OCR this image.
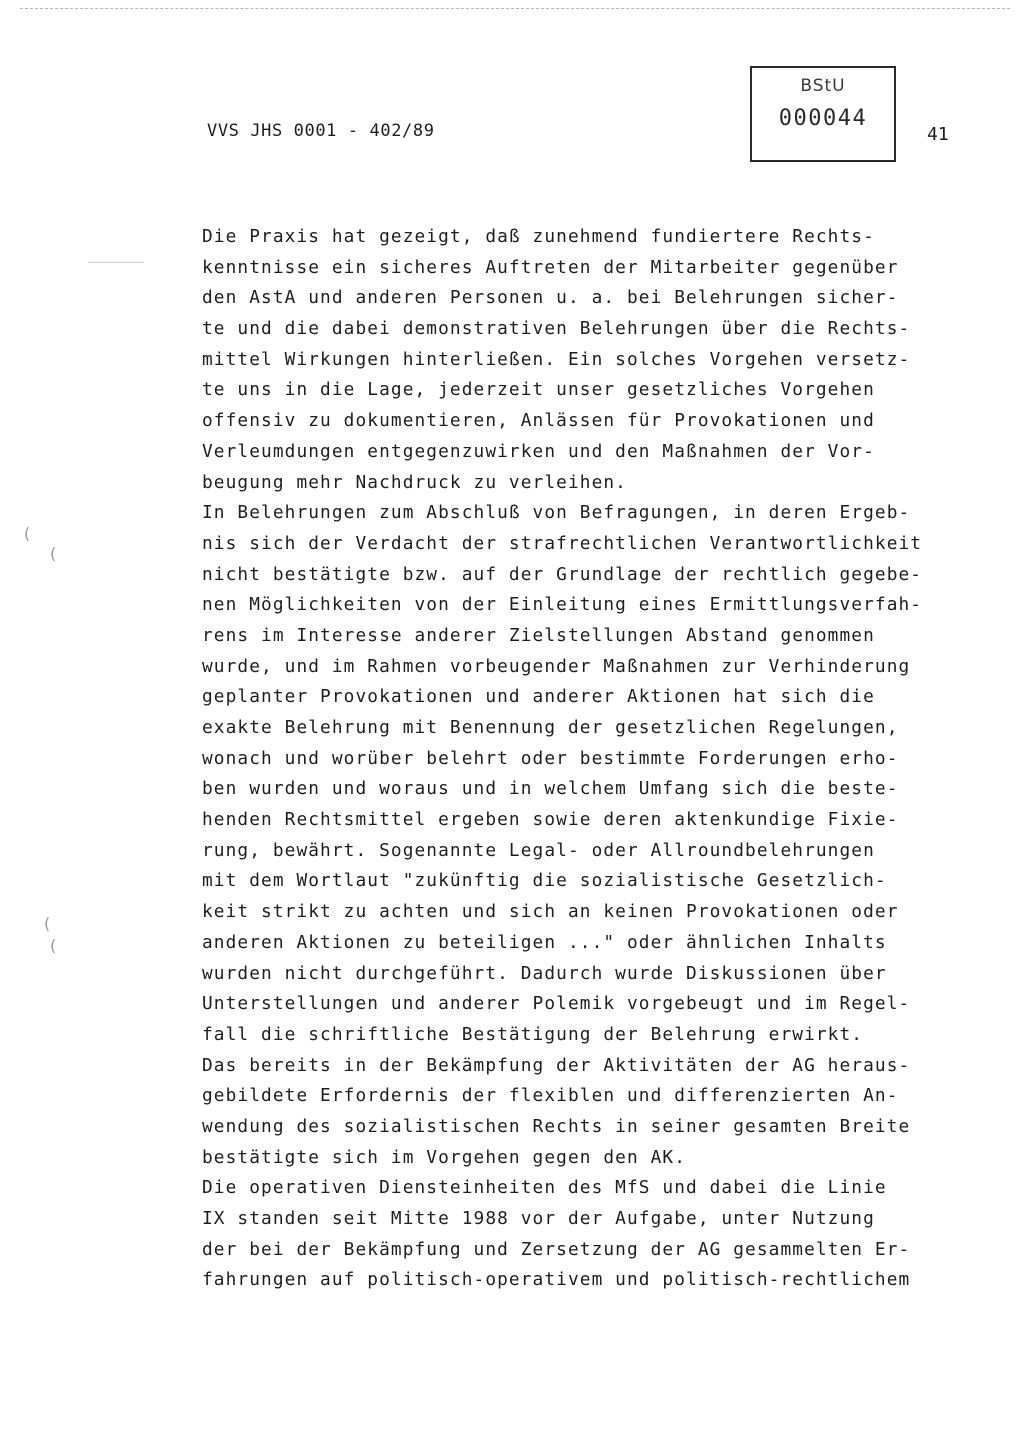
VVS JHS 0001 - 402/89
BStU
000044
41
(
(
(
(
Die Praxis hat gezeigt, daß zunehmend fundiertere Rechts-
kenntnisse ein sicheres Auftreten der Mitarbeiter gegenüber
den AstA und anderen Personen u. a. bei Belehrungen sicher-
te und die dabei demonstrativen Belehrungen über die Rechts-
mittel Wirkungen hinterließen. Ein solches Vorgehen versetz-
te uns in die Lage, jederzeit unser gesetzliches Vorgehen
offensiv zu dokumentieren, Anlässen für Provokationen und
Verleumdungen entgegenzuwirken und den Maßnahmen der Vor-
beugung mehr Nachdruck zu verleihen.
In Belehrungen zum Abschluß von Befragungen, in deren Ergeb-
nis sich der Verdacht der strafrechtlichen Verantwortlichkeit
nicht bestätigte bzw. auf der Grundlage der rechtlich gegebe-
nen Möglichkeiten von der Einleitung eines Ermittlungsverfah-
rens im Interesse anderer Zielstellungen Abstand genommen
wurde, und im Rahmen vorbeugender Maßnahmen zur Verhinderung
geplanter Provokationen und anderer Aktionen hat sich die
exakte Belehrung mit Benennung der gesetzlichen Regelungen,
wonach und worüber belehrt oder bestimmte Forderungen erho-
ben wurden und woraus und in welchem Umfang sich die beste-
henden Rechtsmittel ergeben sowie deren aktenkundige Fixie-
rung, bewährt. Sogenannte Legal- oder Allroundbelehrungen
mit dem Wortlaut "zukünftig die sozialistische Gesetzlich-
keit strikt zu achten und sich an keinen Provokationen oder
anderen Aktionen zu beteiligen ..." oder ähnlichen Inhalts
wurden nicht durchgeführt. Dadurch wurde Diskussionen über
Unterstellungen und anderer Polemik vorgebeugt und im Regel-
fall die schriftliche Bestätigung der Belehrung erwirkt.
Das bereits in der Bekämpfung der Aktivitäten der AG heraus-
gebildete Erfordernis der flexiblen und differenzierten An-
wendung des sozialistischen Rechts in seiner gesamten Breite
bestätigte sich im Vorgehen gegen den AK.
Die operativen Diensteinheiten des MfS und dabei die Linie
IX standen seit Mitte 1988 vor der Aufgabe, unter Nutzung
der bei der Bekämpfung und Zersetzung der AG gesammelten Er-
fahrungen auf politisch-operativem und politisch-rechtlichem
